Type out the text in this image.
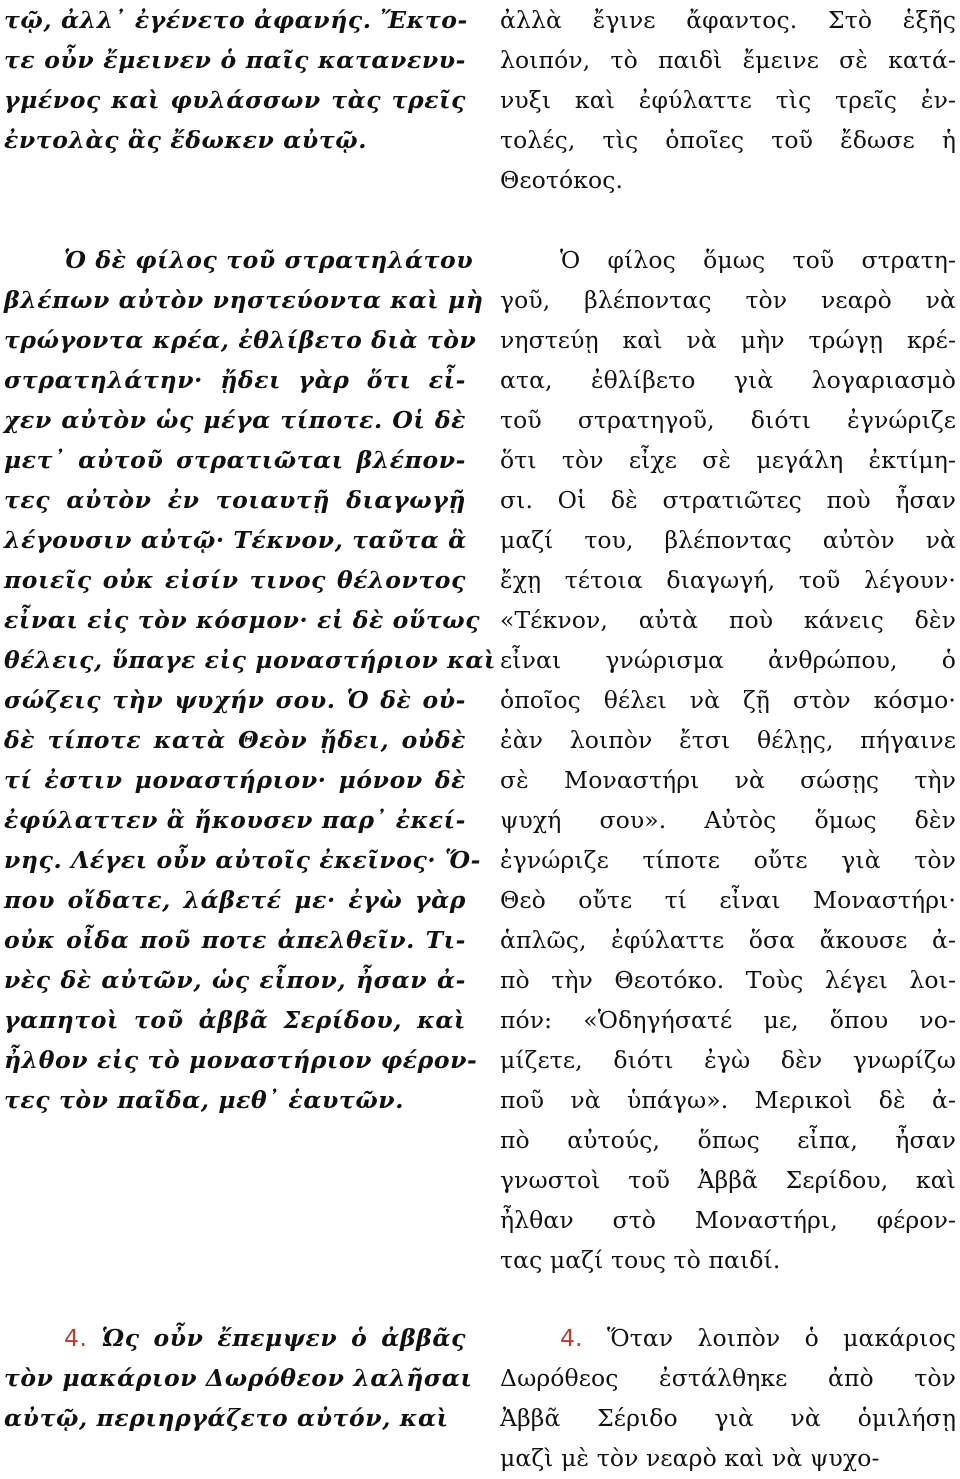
τῷ, ἀλλ᾽ ἐγένετο ἀφανής. Ἔκτο-
τε οὖν ἔμεινεν ὁ παῖς κατανενυ-
γμένος καὶ φυλάσσων τὰς τρεῖς
ἐντολὰς ἃς ἔδωκεν αὐτῷ.
Ὁ δὲ φίλος τοῦ στρατηλάτου
βλέπων αὐτὸν νηστεύοντα καὶ μὴ
τρώγοντα κρέα, ἐθλίβετο διὰ τὸν
στρατηλάτην· ᾔδει γὰρ ὅτι εἶ-
χεν αὐτὸν ὡς μέγα τίποτε. Οἱ δὲ
μετ᾽ αὐτοῦ στρατιῶται βλέπον-
τες αὐτὸν ἐν τοιαυτῇ διαγωγῇ
λέγουσιν αὐτῷ· Τέκνον, ταῦτα ἃ
ποιεῖς οὐκ εἰσίν τινος θέλοντος
εἶναι εἰς τὸν κόσμον· εἰ δὲ οὕτως
θέλεις, ὕπαγε εἰς μοναστήριον καὶ
σώζεις τὴν ψυχήν σου. Ὁ δὲ οὐ-
δὲ τίποτε κατὰ Θεὸν ᾔδει, οὐδὲ
τί ἐστιν μοναστήριον· μόνον δὲ
ἐφύλαττεν ἃ ἤκουσεν παρ᾽ ἐκεί-
νης. Λέγει οὖν αὐτοῖς ἐκεῖνος· Ὅ-
που οἴδατε, λάβετέ με· ἐγὼ γὰρ
οὐκ οἶδα ποῦ ποτε ἀπελθεῖν. Τι-
νὲς δὲ αὐτῶν, ὡς εἶπον, ἦσαν ἀ-
γαπητοὶ τοῦ ἀββᾶ Σερίδου, καὶ
ἦλθον εἰς τὸ μοναστήριον φέρον-
τες τὸν παῖδα, μεθ᾽ ἑαυτῶν.
4. Ὡς οὖν ἔπεμψεν ὁ ἀββᾶς
τὸν μακάριον Δωρόθεον λαλῆσαι
αὐτῷ, περιηργάζετο αὐτόν, καὶ
ἀλλὰ ἔγινε ἄφαντος. Στὸ ἑξῆς
λοιπόν, τὸ παιδὶ ἔμεινε σὲ κατά-
νυξι καὶ ἐφύλαττε τὶς τρεῖς ἐν-
τολές, τὶς ὁποῖες τοῦ ἔδωσε ἡ
Θεοτόκος.
Ὁ φίλος ὅμως τοῦ στρατη-
γοῦ, βλέποντας τὸν νεαρὸ νὰ
νηστεύῃ καὶ νὰ μὴν τρώγῃ κρέ-
ατα, ἐθλίβετο γιὰ λογαριασμὸ
τοῦ στρατηγοῦ, διότι ἐγνώριζε
ὅτι τὸν εἶχε σὲ μεγάλη ἐκτίμη-
σι. Οἱ δὲ στρατιῶτες ποὺ ἦσαν
μαζί του, βλέποντας αὐτὸν νὰ
ἔχῃ τέτοια διαγωγή, τοῦ λέγουν·
«Τέκνον, αὐτὰ ποὺ κάνεις δὲν
εἶναι γνώρισμα ἀνθρώπου, ὁ
ὁποῖος θέλει νὰ ζῇ στὸν κόσμο·
ἐὰν λοιπὸν ἔτσι θέλῃς, πήγαινε
σὲ Μοναστήρι νὰ σώσῃς τὴν
ψυχή σου». Αὐτὸς ὅμως δὲν
ἐγνώριζε τίποτε οὔτε γιὰ τὸν
Θεὸ οὔτε τί εἶναι Μοναστήρι·
ἁπλῶς, ἐφύλαττε ὅσα ἄκουσε ἀ-
πὸ τὴν Θεοτόκο. Τοὺς λέγει λοι-
πόν: «Ὁδηγήσατέ με, ὅπου νο-
μίζετε, διότι ἐγὼ δὲν γνωρίζω
ποῦ νὰ ὑπάγω». Μερικοὶ δὲ ἀ-
πὸ αὐτούς, ὅπως εἶπα, ἦσαν
γνωστοὶ τοῦ Ἀββᾶ Σερίδου, καὶ
ἦλθαν στὸ Μοναστήρι, φέρον-
τας μαζί τους τὸ παιδί.
4. Ὅταν λοιπὸν ὁ μακάριος
Δωρόθεος ἐστάλθηκε ἀπὸ τὸν
Ἀββᾶ Σέριδο γιὰ νὰ ὁμιλήσῃ
μαζὶ μὲ τὸν νεαρὸ καὶ νὰ ψυχο-
